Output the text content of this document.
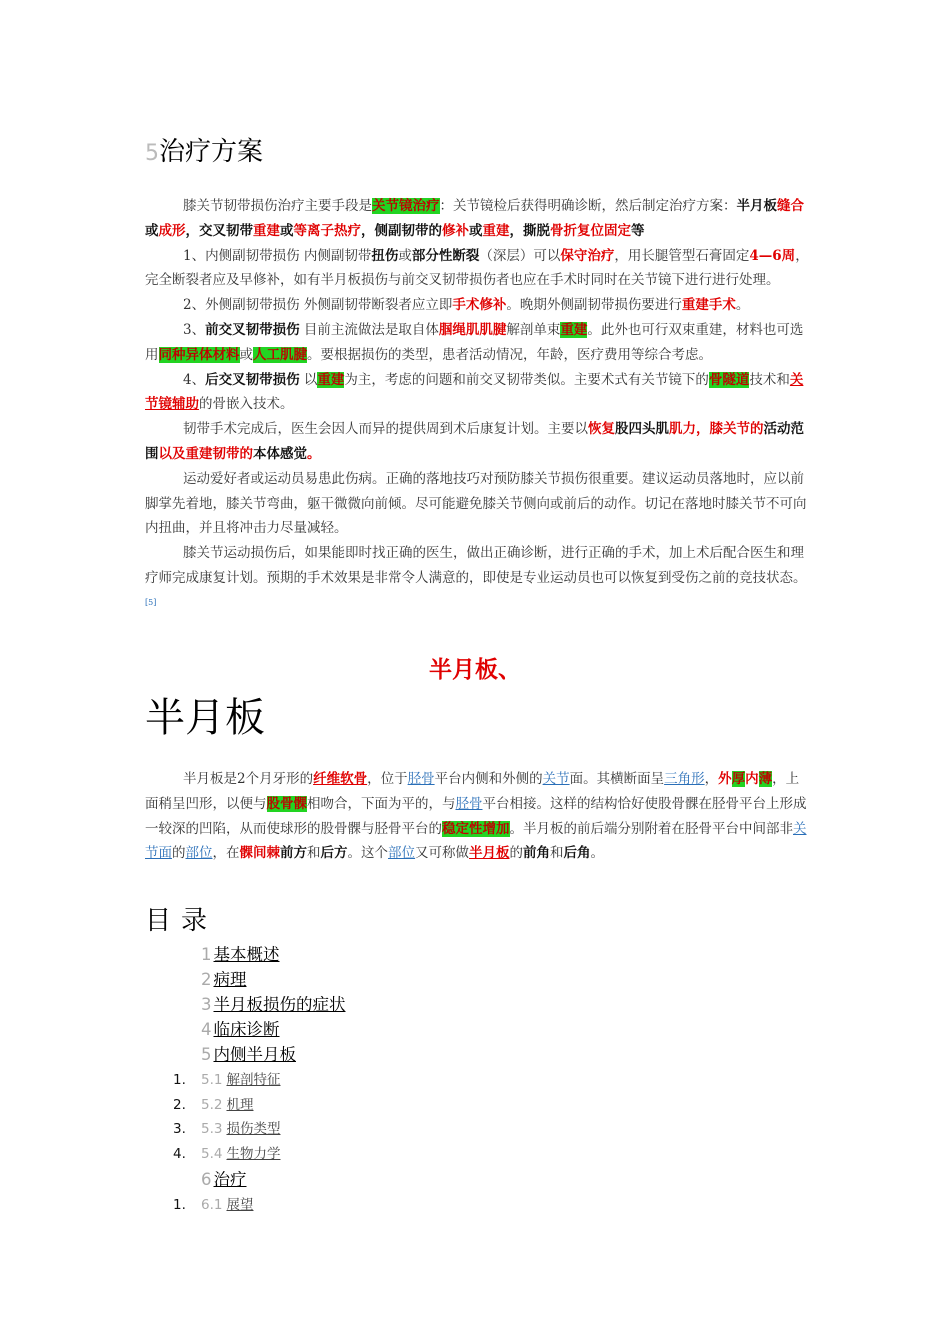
5治疗方案

膝关节韧带损伤治疗主要手段是关节镜治疗：关节镜检后获得明确诊断，然后制定治疗方案：半月板缝合或成形，交叉韧带重建或等离子热疗，侧副韧带的修补或重建，撕脱骨折复位固定等

1、内侧副韧带损伤 内侧副韧带扭伤或部分性断裂（深层）可以保守治疗，用长腿管型石膏固定4—6周，完全断裂者应及早修补，如有半月板损伤与前交叉韧带损伤者也应在手术时同时在关节镜下进行进行处理。

2、外侧副韧带损伤 外侧副韧带断裂者应立即手术修补。晚期外侧副韧带损伤要进行重建手术。

3、前交叉韧带损伤 目前主流做法是取自体腘绳肌肌腱解剖单束重建。此外也可行双束重建，材料也可选用同种异体材料或人工肌腱。要根据损伤的类型，患者活动情况，年龄，医疗费用等综合考虑。

4、后交叉韧带损伤 以重建为主，考虑的问题和前交叉韧带类似。主要术式有关节镜下的骨隧道技术和关节镜辅助的骨嵌入技术。

韧带手术完成后，医生会因人而异的提供周到术后康复计划。主要以恢复股四头肌肌力，膝关节的活动范围以及重建韧带的本体感觉。

运动爱好者或运动员易患此伤病。正确的落地技巧对预防膝关节损伤很重要。建议运动员落地时，应以前脚掌先着地，膝关节弯曲，躯干微微向前倾。尽可能避免膝关节侧向或前后的动作。切记在落地时膝关节不可向内扭曲，并且将冲击力尽量减轻。

膝关节运动损伤后，如果能即时找正确的医生，做出正确诊断，进行正确的手术，加上术后配合医生和理疗师完成康复计划。预期的手术效果是非常令人满意的，即使是专业运动员也可以恢复到受伤之前的竞技状态。[5]

半月板、
半月板

半月板是2个月牙形的纤维软骨，位于胫骨平台内侧和外侧的关节面。其横断面呈三角形，外厚内薄，上面稍呈凹形，以便与股骨髁相吻合，下面为平的，与胫骨平台相接。这样的结构恰好使股骨髁在胫骨平台上形成一较深的凹陷，从而使球形的股骨髁与胫骨平台的稳定性增加。半月板的前后端分别附着在胫骨平台中间部非关节面的部位，在髁间棘前方和后方。这个部位又可称做半月板的前角和后角。

目录
1 基本概述
2 病理
3 半月板损伤的症状
4 临床诊断
5 内侧半月板
1. 5.1 解剖特征
2. 5.2 机理
3. 5.3 损伤类型
4. 5.4 生物力学
6 治疗
1. 6.1 展望
